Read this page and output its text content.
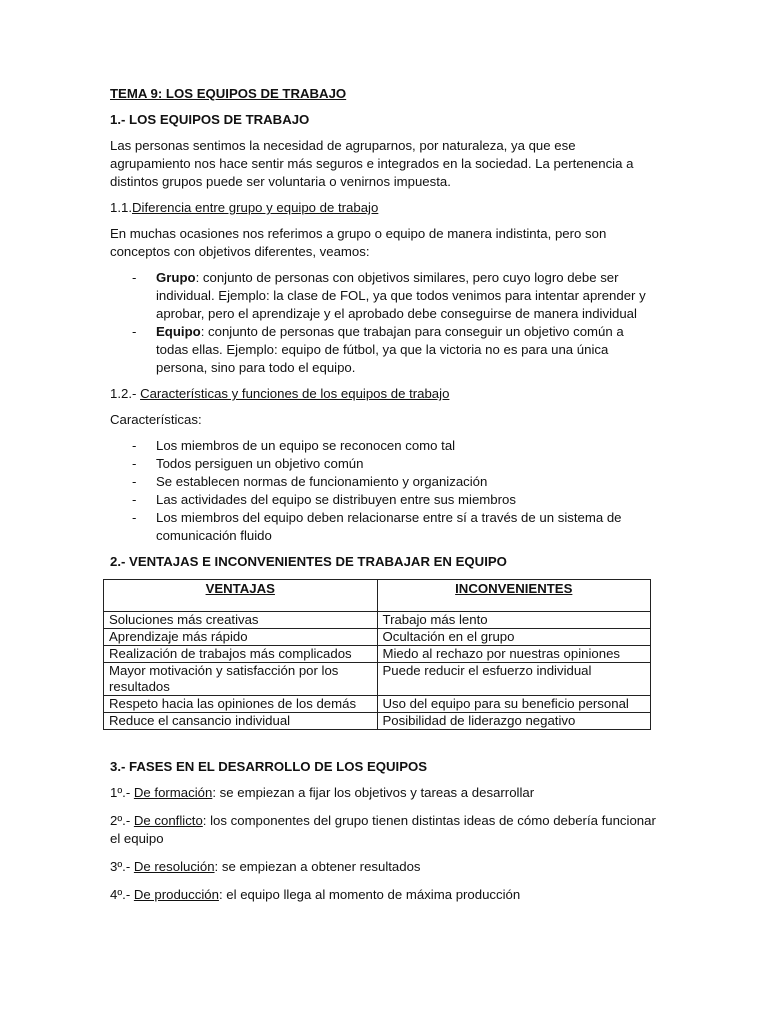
TEMA 9: LOS EQUIPOS DE TRABAJO
1.- LOS EQUIPOS DE TRABAJO

Las personas sentimos la necesidad de agruparnos, por naturaleza, ya que ese agrupamiento nos hace sentir más seguros e integrados en la sociedad. La pertenencia a distintos grupos puede ser voluntaria o venirnos impuesta.

1.1.Diferencia entre grupo y equipo de trabajo

En muchas ocasiones nos referimos a grupo o equipo de manera indistinta, pero son conceptos con objetivos diferentes, veamos:

- Grupo: conjunto de personas con objetivos similares, pero cuyo logro debe ser individual. Ejemplo: la clase de FOL, ya que todos venimos para intentar aprender y aprobar, pero el aprendizaje y el aprobado debe conseguirse de manera individual
- Equipo: conjunto de personas que trabajan para conseguir un objetivo común a todas ellas. Ejemplo: equipo de fútbol, ya que la victoria no es para una única persona, sino para todo el equipo.
1.2.- Características y funciones de los equipos de trabajo

Características:

- Los miembros de un equipo se reconocen como tal
- Todos persiguen un objetivo común
- Se establecen normas de funcionamiento y organización
- Las actividades del equipo se distribuyen entre sus miembros
- Los miembros del equipo deben relacionarse entre sí a través de un sistema de comunicación fluido
2.- VENTAJAS E INCONVENIENTES DE TRABAJAR EN EQUIPO
VENTAJAS	INCONVENIENTES
Soluciones más creativas	Trabajo más lento
Aprendizaje más rápido	Ocultación en el grupo
Realización de trabajos más complicados	Miedo al rechazo por nuestras opiniones
Mayor motivación y satisfacción por los resultados	Puede reducir el esfuerzo individual
Respeto hacia las opiniones de los demás	Uso del equipo para su beneficio personal
Reduce el cansancio individual	Posibilidad de liderazgo negativo
3.- FASES EN EL DESARROLLO DE LOS EQUIPOS

1º.- De formación: se empiezan a fijar los objetivos y tareas a desarrollar

2º.- De conflicto: los componentes del grupo tienen distintas ideas de cómo debería funcionar el equipo

3º.- De resolución: se empiezan a obtener resultados

4º.- De producción: el equipo llega al momento de máxima producción
